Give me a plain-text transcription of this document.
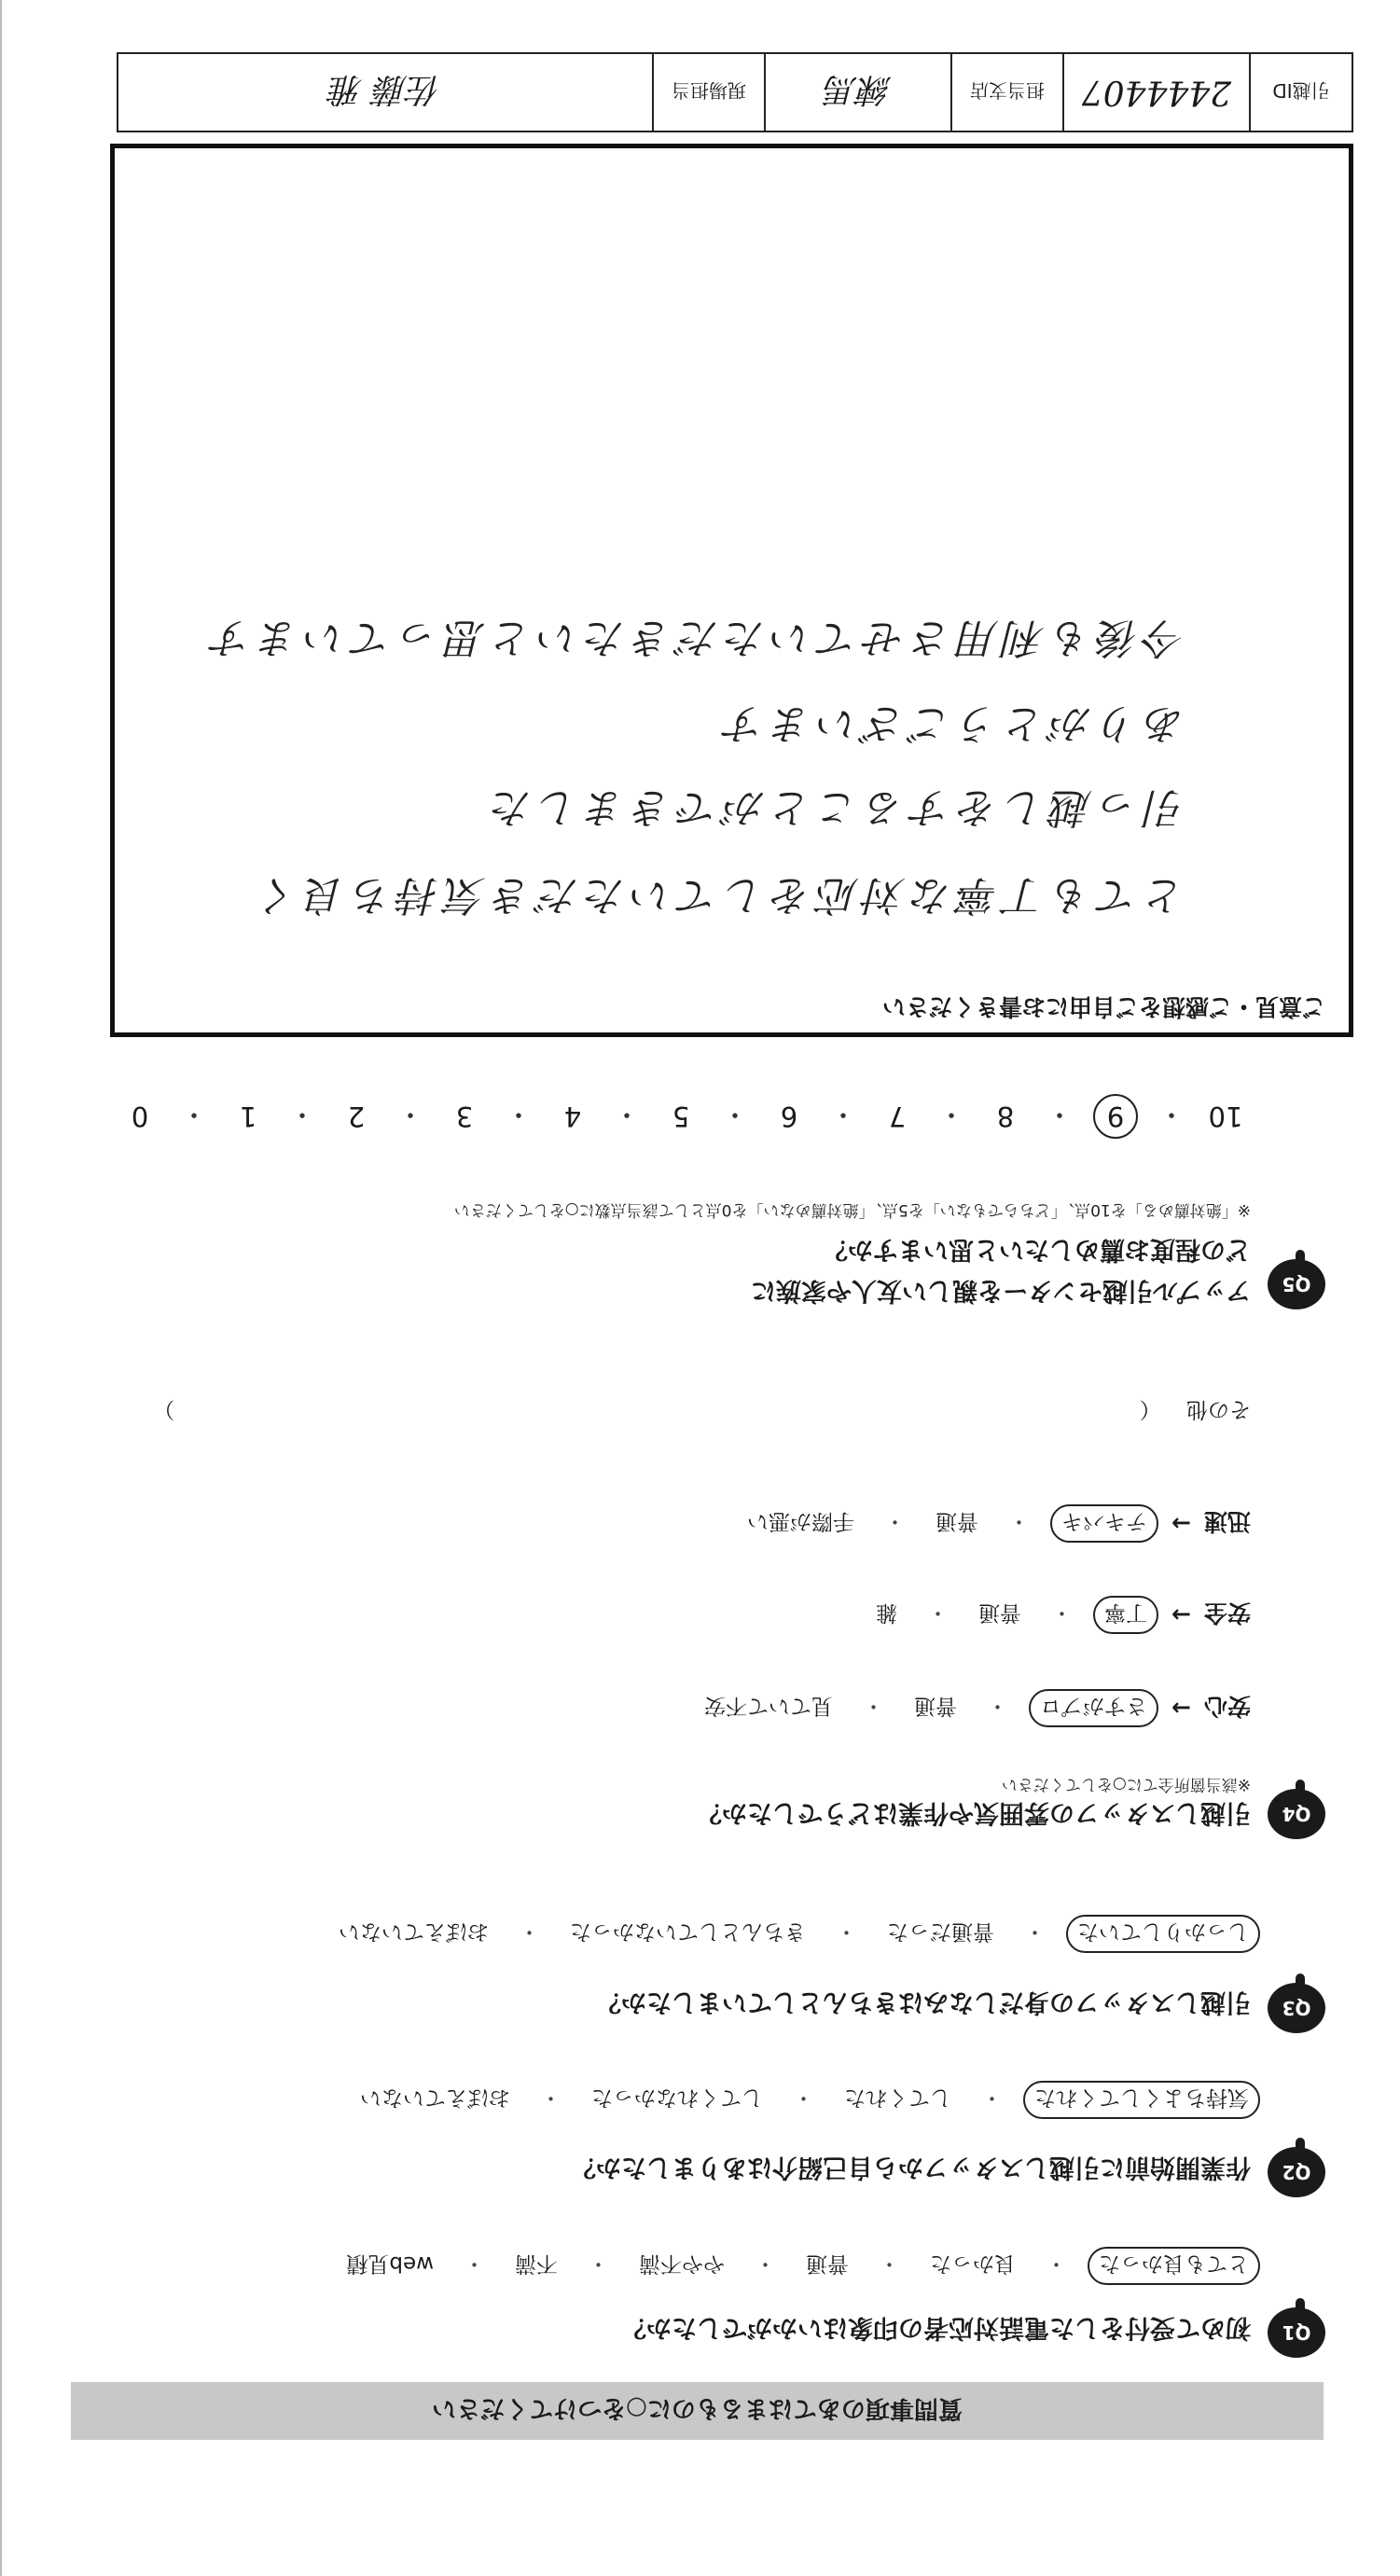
質問事項のあてはまるものに○をつけてください
Q1
初めて受付をした電話対応者の印象はいかがでしたか？
とても良かった
・
良かった
・
普通
・
やや不満
・
不満
・
web見積
Q2
作業開始前に引越しスタッフから自己紹介はありましたか？
気持ちよくしてくれた
・
してくれた
・
してくれなかった
・
おぼえていない
Q3
引越しスタッフの身だしなみはきちんとしていましたか？
しっかりしていた
・
普通だった
・
きちんとしていなかった
・
おぼえていない
Q4
引越しスタッフの雰囲気や作業はどうでしたか？
※該当箇所全てに○をしてください
安心
→
さすがプロ
・
普通
・
見ていて不安
安全
→
丁寧
・
普通
・
雑
迅速
→
テキパキ
・
普通
・
手際が悪い
その他 （  ）
Q5
アップル引越センターを親しい友人や家族に
どの程度お薦めしたいと思いますか？
※「絶対薦める」を10点、「どちらでもない」を5点、「絶対薦めない」を0点として該当点数に○をしてください
10
・
9
・
8
・
7
・
6
・
5
・
4
・
3
・
2
・
1
・
0
ご意見・ご感想をご自由にお書きください
とても丁寧な対応をしていただき気持ち良く
引っ越しをすることができました
ありがとうございます
今後も利用させていただきたいと思っています
引越ID
2444407
担当支店
練馬
現場担当
佐藤 雅
